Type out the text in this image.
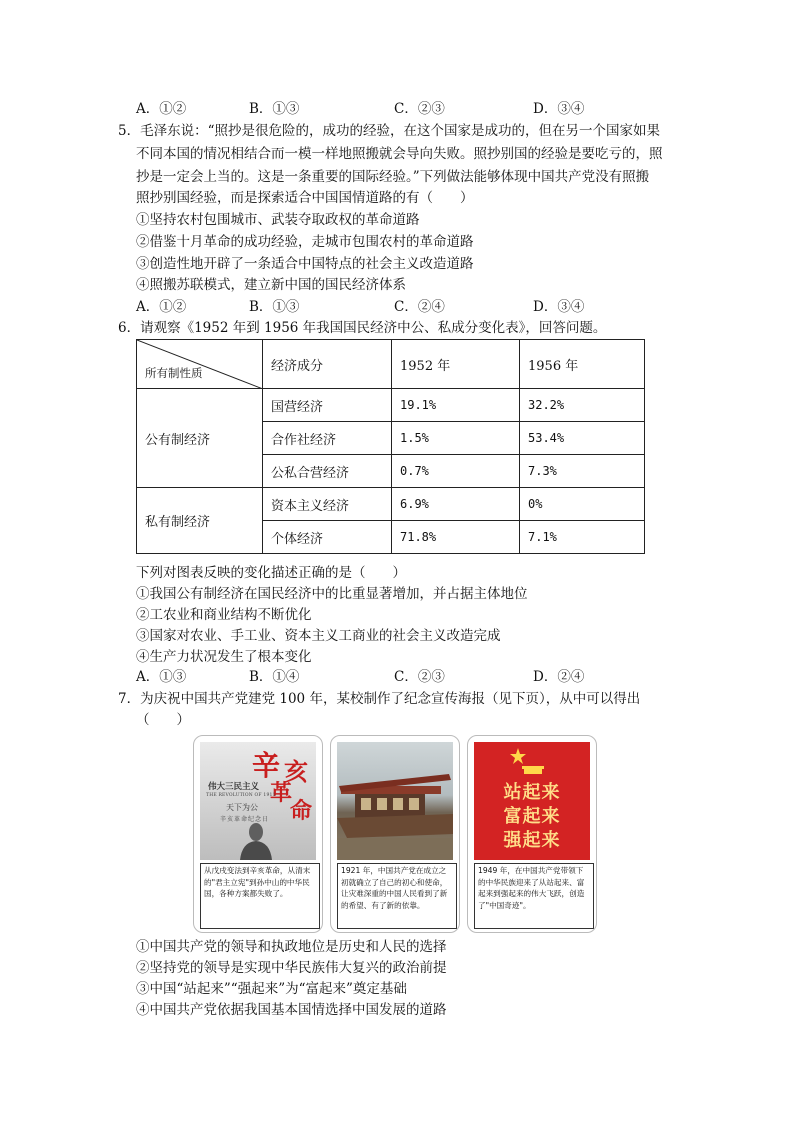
A．①②	B．①③	C．②③	D．③④
5．毛泽东说：“照抄是很危险的，成功的经验，在这个国家是成功的，但在另一个国家如果
不同本国的情况相结合而一模一样地照搬就会导向失败。照抄别国的经验是要吃亏的，照
抄是一定会上当的。这是一条重要的国际经验。”下列做法能够体现中国共产党没有照搬
照抄别国经验，而是探索适合中国国情道路的有（　　）
①坚持农村包围城市、武装夺取政权的革命道路
②借鉴十月革命的成功经验，走城市包围农村的革命道路
③创造性地开辟了一条适合中国特点的社会主义改造道路
④照搬苏联模式，建立新中国的国民经济体系
A．①②	B．①③	C．②④	D．③④
6．请观察《1952 年到 1956 年我国国民经济中公、私成分变化表》，回答问题。
所有制性质	经济成分	1952 年	1956 年
公有制经济	国营经济	19.1%	32.2%
	合作社经济	1.5%	53.4%
	公私合营经济	0.7%	7.3%
私有制经济	资本主义经济	6.9%	0%
	个体经济	71.8%	7.1%
下列对图表反映的变化描述正确的是（　　）
①我国公有制经济在国民经济中的比重显著增加，并占据主体地位
②工农业和商业结构不断优化
③国家对农业、手工业、资本主义工商业的社会主义改造完成
④生产力状况发生了根本变化
A．①③	B．①④	C．②③	D．②④
7．为庆祝中国共产党建党 100 年，某校制作了纪念宣传海报（见下页），从中可以得出
（　　）
辛 亥
革
命
伟大三民主义
THE REVOLUTION OF 1911
天下为公
辛亥革命纪念日
从戊戌变法到辛亥革命，从清末的"君主立宪"到孙中山的中华民国，各种方案都失败了。
1921 年，中国共产党在成立之初就确立了自己的初心和使命，让灾难深重的中国人民看到了新的希望、有了新的依靠。
站起来
富起来
强起来
1949 年，在中国共产党带领下的中华民族迎来了从站起来、富起来到强起来的伟大飞跃，创造了"中国奇迹"。
①中国共产党的领导和执政地位是历史和人民的选择
②坚持党的领导是实现中华民族伟大复兴的政治前提
③中国“站起来”“强起来”为“富起来”奠定基础
④中国共产党依据我国基本国情选择中国发展的道路
